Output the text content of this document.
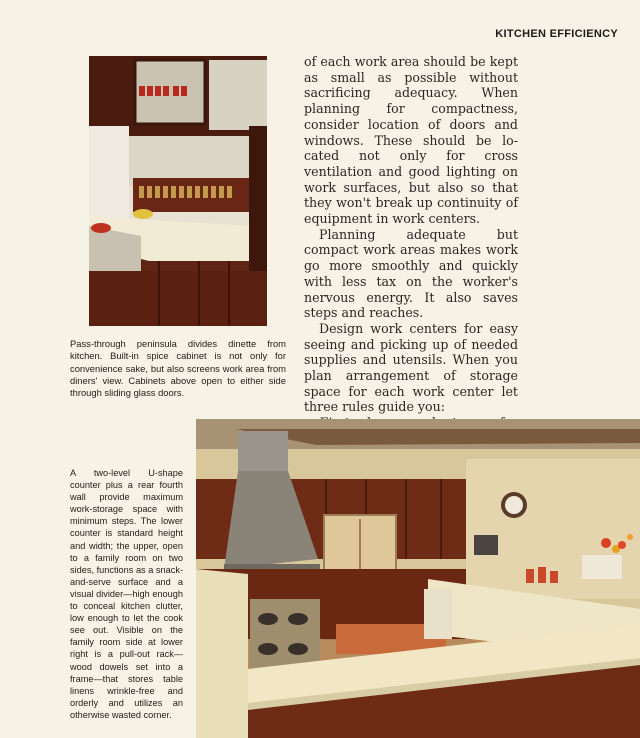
KITCHEN EFFICIENCY

of each work area should be kept as small as possible without sacrificing adequacy. When planning for compactness, consider location of doors and windows. These should be located not only for cross ventilation and good lighting on work surfaces, but also so that they won't break up continuity of equipment in work centers.

Planning adequate but compact work areas makes work go more smoothly and quickly with less tax on the worker's nervous energy. It also saves steps and reaches.

Design work centers for easy seeing and picking up of needed supplies and utensils. When you plan arrangement of storage space for each work center let three rules guide you:

Pass-through peninsula divides dinette from kitchen. Built-in spice cabinet is not only for convenience sake, but also screens work area from diners' view. Cabinets above open to either side through sliding glass doors.
A two-level U-shape counter plus a rear fourth wall provide maximum work-storage space with minimum steps. The lower counter is standard height and width; the upper, open to a family room on two sides, functions as a snack-and-serve surface and a visual divider—high enough to conceal kitchen clutter, low enough to let the cook see out. Visible on the family room side at lower right is a pull-out rack—wood dowels set into a frame—that stores table linens wrinkle-free and orderly and utilizes an otherwise wasted corner.
